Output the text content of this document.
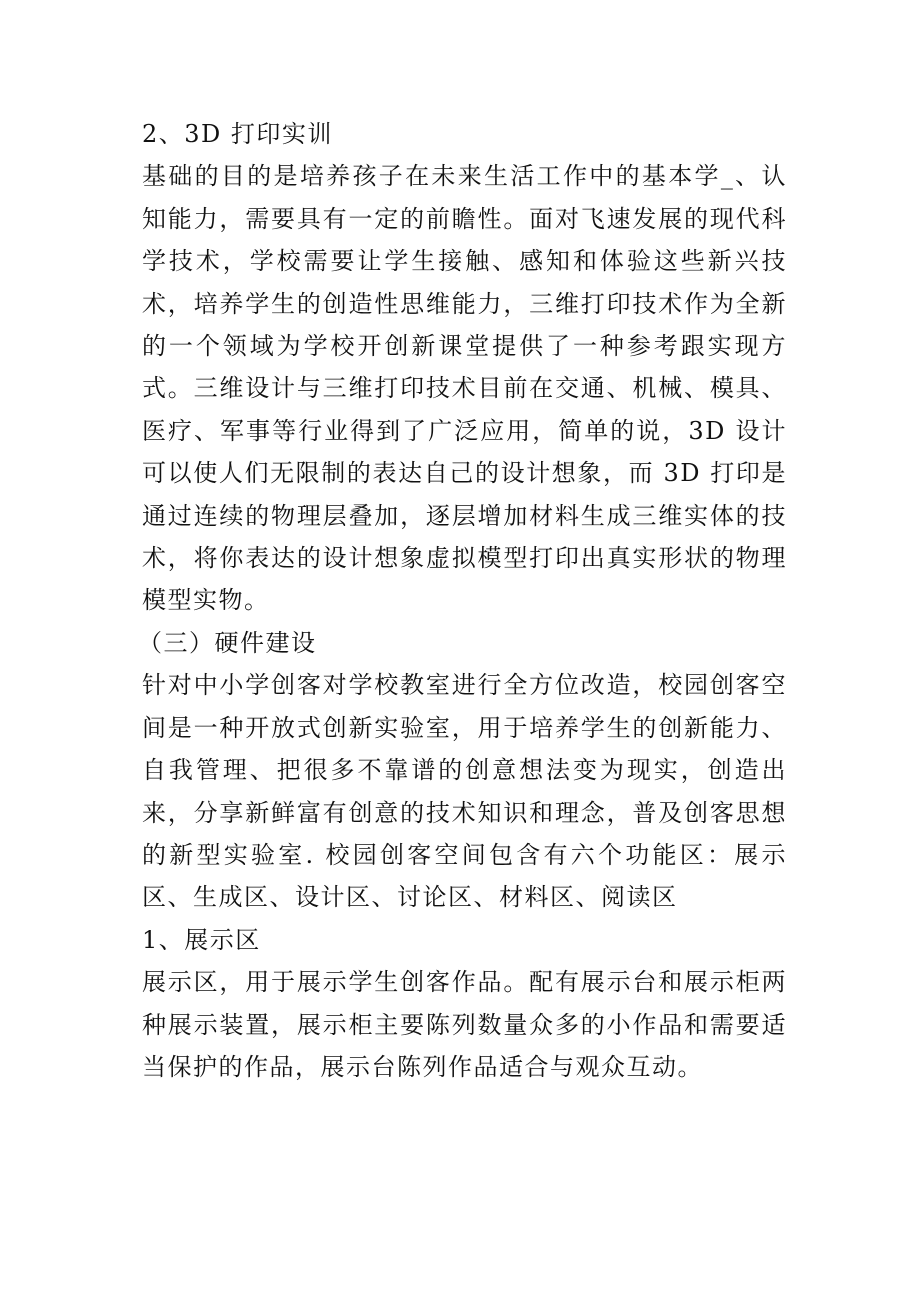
2、3D 打印实训

基础的目的是培养孩子在未来生活工作中的基本学_、认知能力，需要具有一定的前瞻性。面对飞速发展的现代科学技术，学校需要让学生接触、感知和体验这些新兴技术，培养学生的创造性思维能力，三维打印技术作为全新的一个领域为学校开创新课堂提供了一种参考跟实现方式。三维设计与三维打印技术目前在交通、机械、模具、医疗、军事等行业得到了广泛应用，简单的说，3D 设计可以使人们无限制的表达自己的设计想象，而 3D 打印是通过连续的物理层叠加，逐层增加材料生成三维实体的技术，将你表达的设计想象虚拟模型打印出真实形状的物理模型实物。

（三）硬件建设

针对中小学创客对学校教室进行全方位改造，校园创客空间是一种开放式创新实验室，用于培养学生的创新能力、自我管理、把很多不靠谱的创意想法变为现实，创造出来，分享新鲜富有创意的技术知识和理念，普及创客思想的新型实验室. 校园创客空间包含有六个功能区：展示区、生成区、设计区、讨论区、材料区、阅读区

1、展示区

展示区，用于展示学生创客作品。配有展示台和展示柜两种展示装置，展示柜主要陈列数量众多的小作品和需要适当保护的作品，展示台陈列作品适合与观众互动。
